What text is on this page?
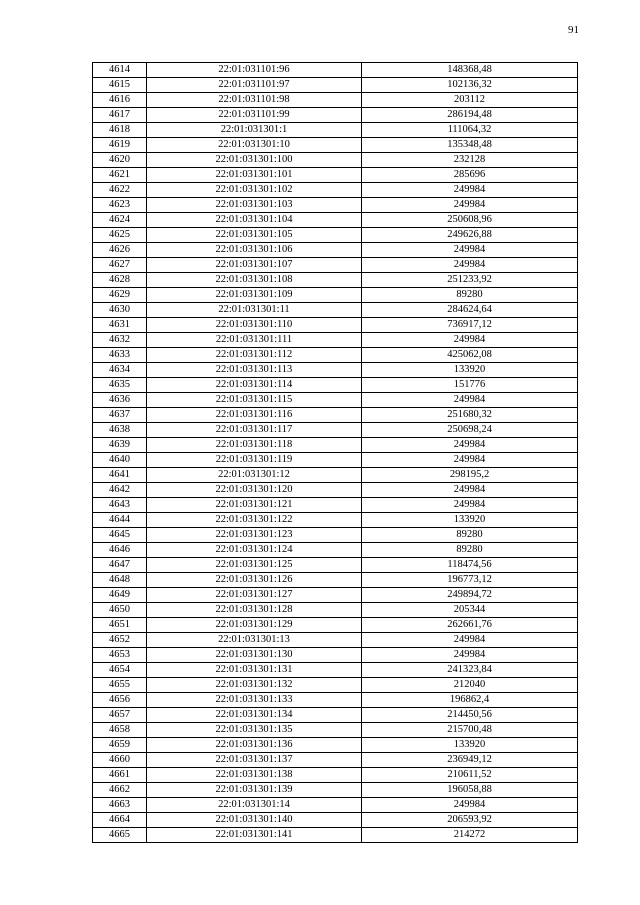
91
4614	22:01:031101:96	148368,48
4615	22:01:031101:97	102136,32
4616	22:01:031101:98	203112
4617	22:01:031101:99	286194,48
4618	22:01:031301:1	111064,32
4619	22:01:031301:10	135348,48
4620	22:01:031301:100	232128
4621	22:01:031301:101	285696
4622	22:01:031301:102	249984
4623	22:01:031301:103	249984
4624	22:01:031301:104	250608,96
4625	22:01:031301:105	249626,88
4626	22:01:031301:106	249984
4627	22:01:031301:107	249984
4628	22:01:031301:108	251233,92
4629	22:01:031301:109	89280
4630	22:01:031301:11	284624,64
4631	22:01:031301:110	736917,12
4632	22:01:031301:111	249984
4633	22:01:031301:112	425062,08
4634	22:01:031301:113	133920
4635	22:01:031301:114	151776
4636	22:01:031301:115	249984
4637	22:01:031301:116	251680,32
4638	22:01:031301:117	250698,24
4639	22:01:031301:118	249984
4640	22:01:031301:119	249984
4641	22:01:031301:12	298195,2
4642	22:01:031301:120	249984
4643	22:01:031301:121	249984
4644	22:01:031301:122	133920
4645	22:01:031301:123	89280
4646	22:01:031301:124	89280
4647	22:01:031301:125	118474,56
4648	22:01:031301:126	196773,12
4649	22:01:031301:127	249894,72
4650	22:01:031301:128	205344
4651	22:01:031301:129	262661,76
4652	22:01:031301:13	249984
4653	22:01:031301:130	249984
4654	22:01:031301:131	241323,84
4655	22:01:031301:132	212040
4656	22:01:031301:133	196862,4
4657	22:01:031301:134	214450,56
4658	22:01:031301:135	215700,48
4659	22:01:031301:136	133920
4660	22:01:031301:137	236949,12
4661	22:01:031301:138	210611,52
4662	22:01:031301:139	196058,88
4663	22:01:031301:14	249984
4664	22:01:031301:140	206593,92
4665	22:01:031301:141	214272
